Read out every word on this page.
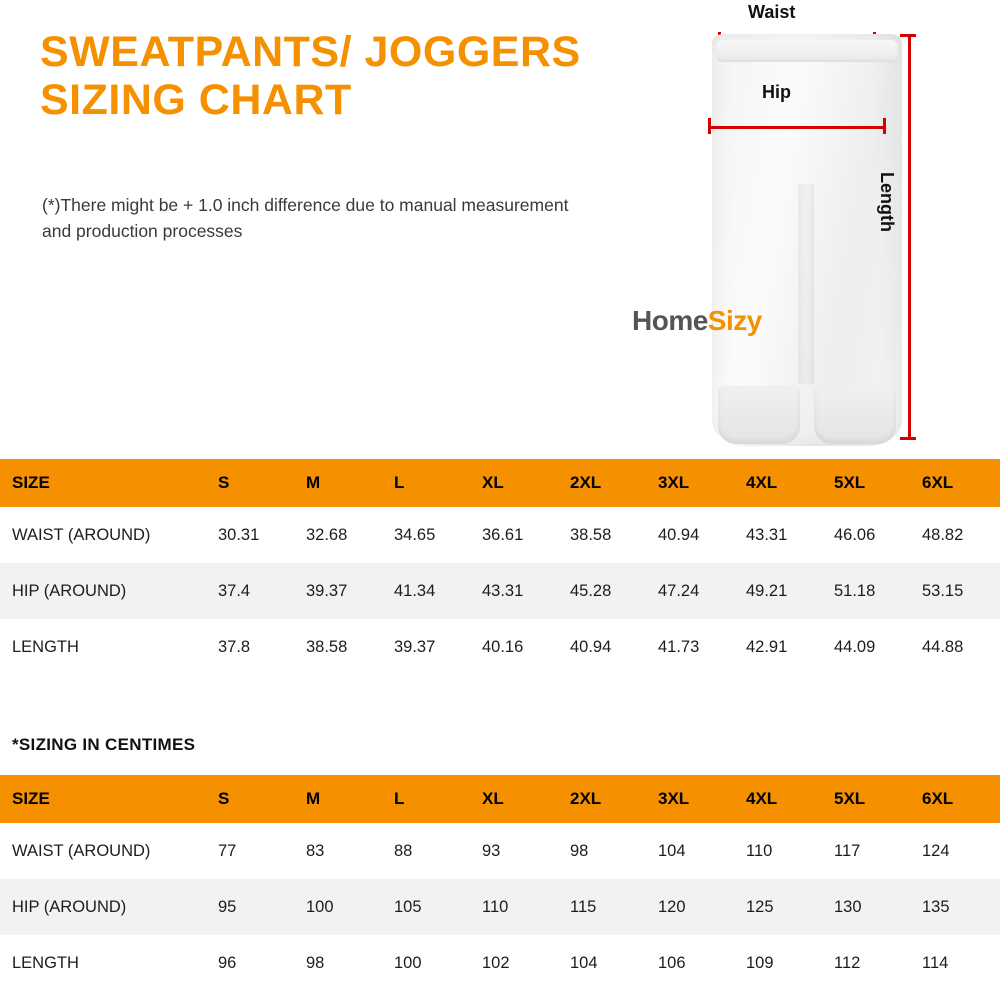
SWEATPANTS/ JOGGERS
SIZING CHART
(*)There might be + 1.0 inch difference due to manual measurement and production processes
Waist
Hip
Length
HomeSizy
SIZE	S	M	L	XL	2XL	3XL	4XL	5XL	6XL
WAIST (AROUND)	30.31	32.68	34.65	36.61	38.58	40.94	43.31	46.06	48.82
HIP (AROUND)	37.4	39.37	41.34	43.31	45.28	47.24	49.21	51.18	53.15
LENGTH	37.8	38.58	39.37	40.16	40.94	41.73	42.91	44.09	44.88
*SIZING IN CENTIMES
SIZE	S	M	L	XL	2XL	3XL	4XL	5XL	6XL
WAIST (AROUND)	77	83	88	93	98	104	110	117	124
HIP (AROUND)	95	100	105	110	115	120	125	130	135
LENGTH	96	98	100	102	104	106	109	112	114
